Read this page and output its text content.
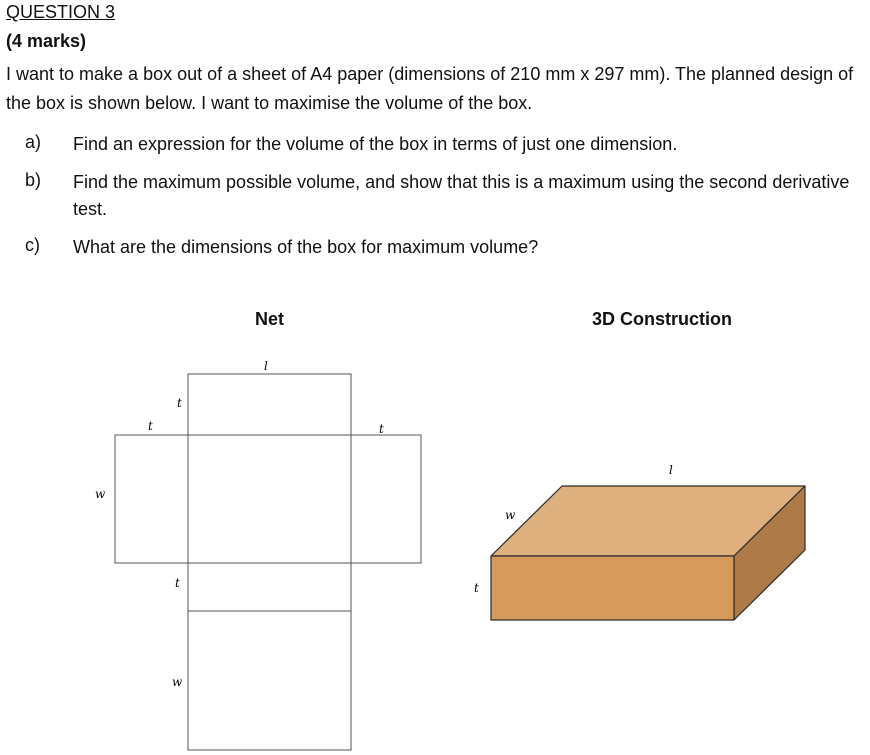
QUESTION 3
(4 marks)
I want to make a box out of a sheet of A4 paper (dimensions of 210 mm x 297 mm). The planned design of the box is shown below. I want to maximise the volume of the box.
a) Find an expression for the volume of the box in terms of just one dimension.
b) Find the maximum possible volume, and show that this is a maximum using the second derivative test.
c) What are the dimensions of the box for maximum volume?
Net	3D Construction
l
t
t	t
w
t
w
l
w
t
